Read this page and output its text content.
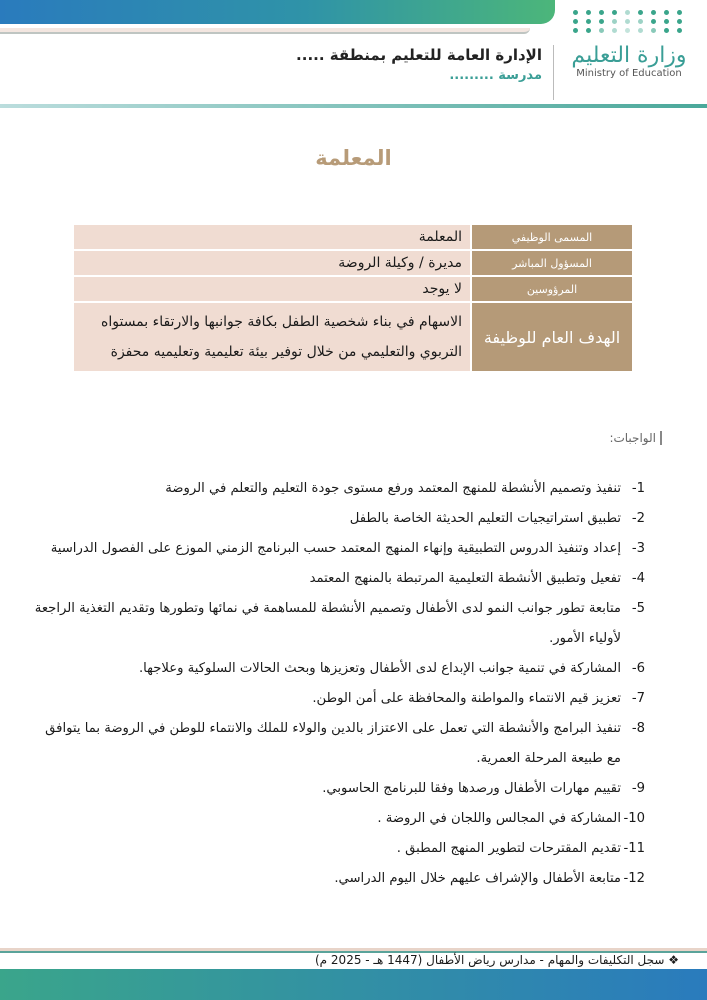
وزارة التعليم
Ministry of Education
الإدارة العامة للتعليم بمنطقة .....
مدرسة .........
المعلمة
المسمى الوظيفي	المعلمة
المسؤول المباشر	مديرة / وكيلة الروضة
المرؤوسين	لا يوجد
الهدف العام للوظيفة	الاسهام في بناء شخصية الطفل بكافة جوانبها والارتقاء بمستواه التربوي والتعليمي من خلال توفير بيئة تعليمية وتعليميه محفزة
الواجبات:
1-
تنفيذ وتصميم الأنشطة للمنهج المعتمد ورفع مستوى جودة التعليم والتعلم في الروضة
2-
تطبيق استراتيجيات التعليم الحديثة الخاصة بالطفل
3-
إعداد وتنفيذ الدروس التطبيقية وإنهاء المنهج المعتمد حسب البرنامج الزمني الموزع على الفصول الدراسية
4-
تفعيل وتطبيق الأنشطة التعليمية المرتبطة بالمنهج المعتمد
5-
متابعة تطور جوانب النمو لدى الأطفال وتصميم الأنشطة للمساهمة في نمائها وتطورها وتقديم التغذية الراجعة لأولياء الأمور.
6-
المشاركة في تنمية جوانب الإبداع لدى الأطفال وتعزيزها وبحث الحالات السلوكية وعلاجها.
7-
تعزيز قيم الانتماء والمواطنة والمحافظة على أمن الوطن.
8-
تنفيذ البرامج والأنشطة التي تعمل على الاعتزاز بالدين والولاء للملك والانتماء للوطن في الروضة بما يتوافق مع طبيعة المرحلة العمرية.
9-
تقييم مهارات الأطفال ورصدها وفقا للبرنامج الحاسوبي.
10-
المشاركة في المجالس واللجان في الروضة .
11-
تقديم المقترحات لتطوير المنهج المطبق .
12-
متابعة الأطفال والإشراف عليهم خلال اليوم الدراسي.
❖ سجل التكليفات والمهام - مدارس رياض الأطفال (1447 هـ - 2025 م)
